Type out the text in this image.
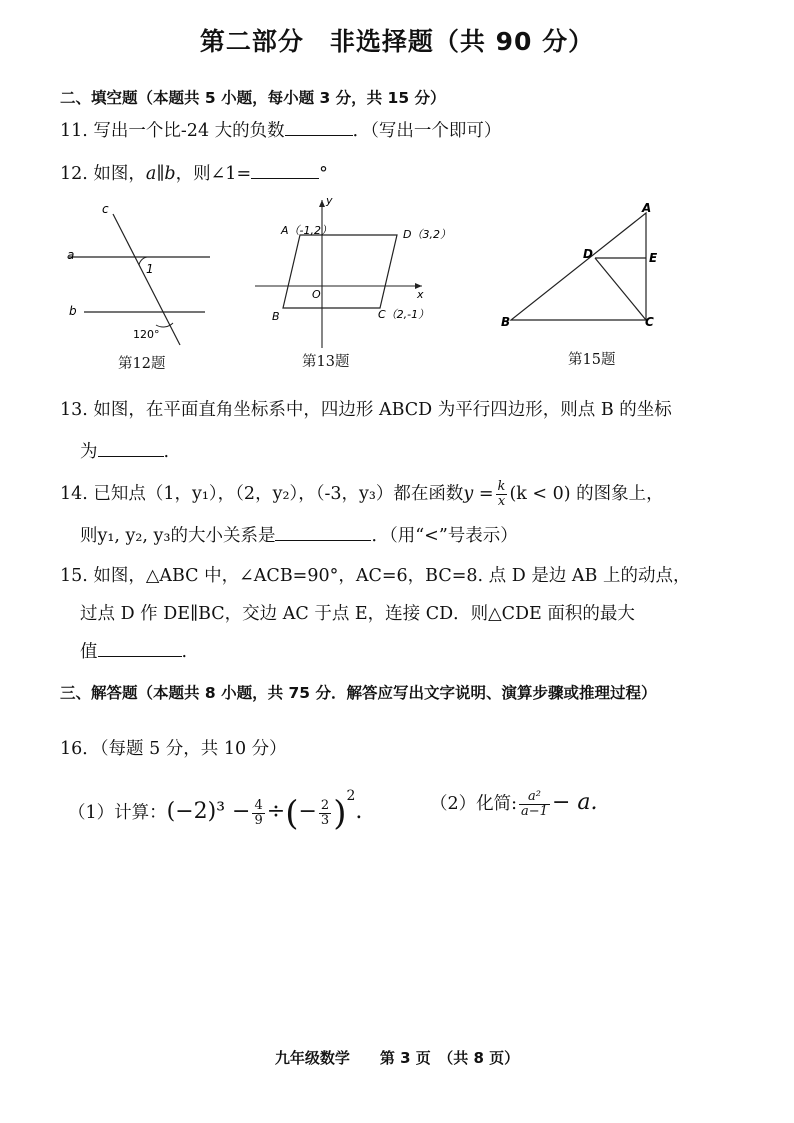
第二部分　非选择题（共 90 分）
二、填空题（本题共 5 小题，每小题 3 分，共 15 分）
11. 写出一个比-24 大的负数	．（写出一个即可）
12. 如图，a∥b，则∠1=	°
a
b
c
1
120°
第12题
y
x
O
A（-1,2）	D（3,2）
C（2,-1）
B
第13题
A
B	C
D	E
第15题
13. 如图，在平面直角坐标系中，四边形 ABCD 为平行四边形，则点 B 的坐标
为	.
14. 已知点（1，y₁），（2，y₂），（-3，y₃）都在函数$y = \frac{k}{x} (k < 0)$ 的图象上，
则y₁, y₂, y₃的大小关系是	．（用“<”号表示）
15. 如图，△ABC 中，∠ACB=90°，AC=6，BC=8. 点 D 是边 AB 上的动点，
过点 D 作 DE∥BC，交边 AC 于点 E，连接 CD．则△CDE 面积的最大
值	.
三、解答题（本题共 8 小题，共 75 分．解答应写出文字说明、演算步骤或推理过程）
16．（每题 5 分，共 10 分）
（1）计算：$(-2)^3 - \frac{4}{9}$ ÷(− $\frac{2}{3} )^2$.	（2）化简: $\frac{\text{a²}}{a-1} - a$.
九年级数学　　第 3 页　（共 8 页）
